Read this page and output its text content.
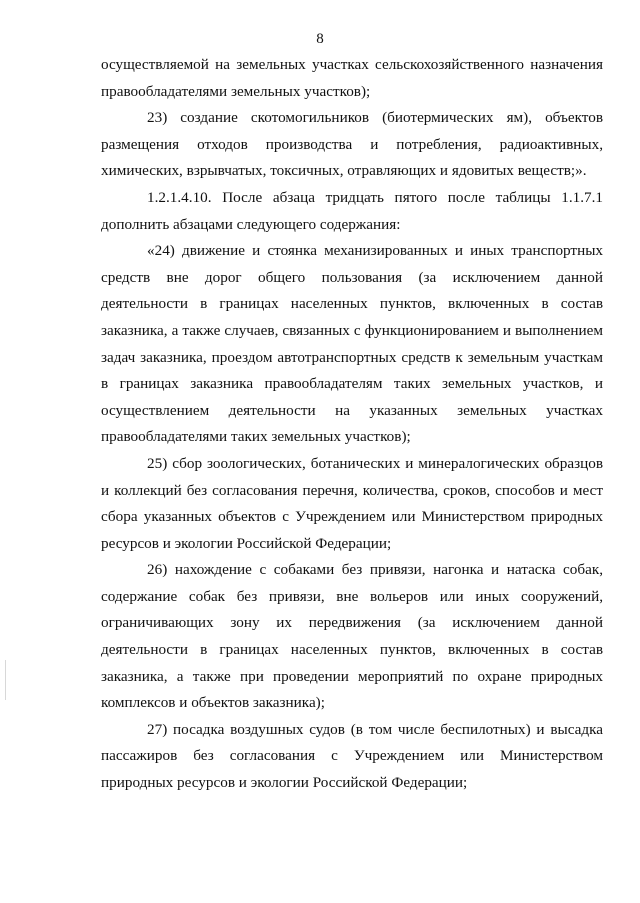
8

осуществляемой на земельных участках сельскохозяйственного назначения правообладателями земельных участков);

23) создание скотомогильников (биотермических ям), объектов размещения отходов производства и потребления, радиоактивных, химических, взрывчатых, токсичных, отравляющих и ядовитых веществ;».

1.2.1.4.10. После абзаца тридцать пятого после таблицы 1.1.7.1 дополнить абзацами следующего содержания:

«24) движение и стоянка механизированных и иных транспортных средств вне дорог общего пользования (за исключением данной деятельности в границах населенных пунктов, включенных в состав заказника, а также случаев, связанных с функционированием и выполнением задач заказника, проездом автотранспортных средств к земельным участкам в границах заказника правообладателям таких земельных участков, и осуществлением деятельности на указанных земельных участках правообладателями таких земельных участков);

25) сбор зоологических, ботанических и минералогических образцов и коллекций без согласования перечня, количества, сроков, способов и мест сбора указанных объектов с Учреждением или Министерством природных ресурсов и экологии Российской Федерации;

26) нахождение с собаками без привязи, нагонка и натаска собак, содержание собак без привязи, вне вольеров или иных сооружений, ограничивающих зону их передвижения (за исключением данной деятельности в границах населенных пунктов, включенных в состав заказника, а также при проведении мероприятий по охране природных комплексов и объектов заказника);

27) посадка воздушных судов (в том числе беспилотных) и высадка пассажиров без согласования с Учреждением или Министерством природных ресурсов и экологии Российской Федерации;
